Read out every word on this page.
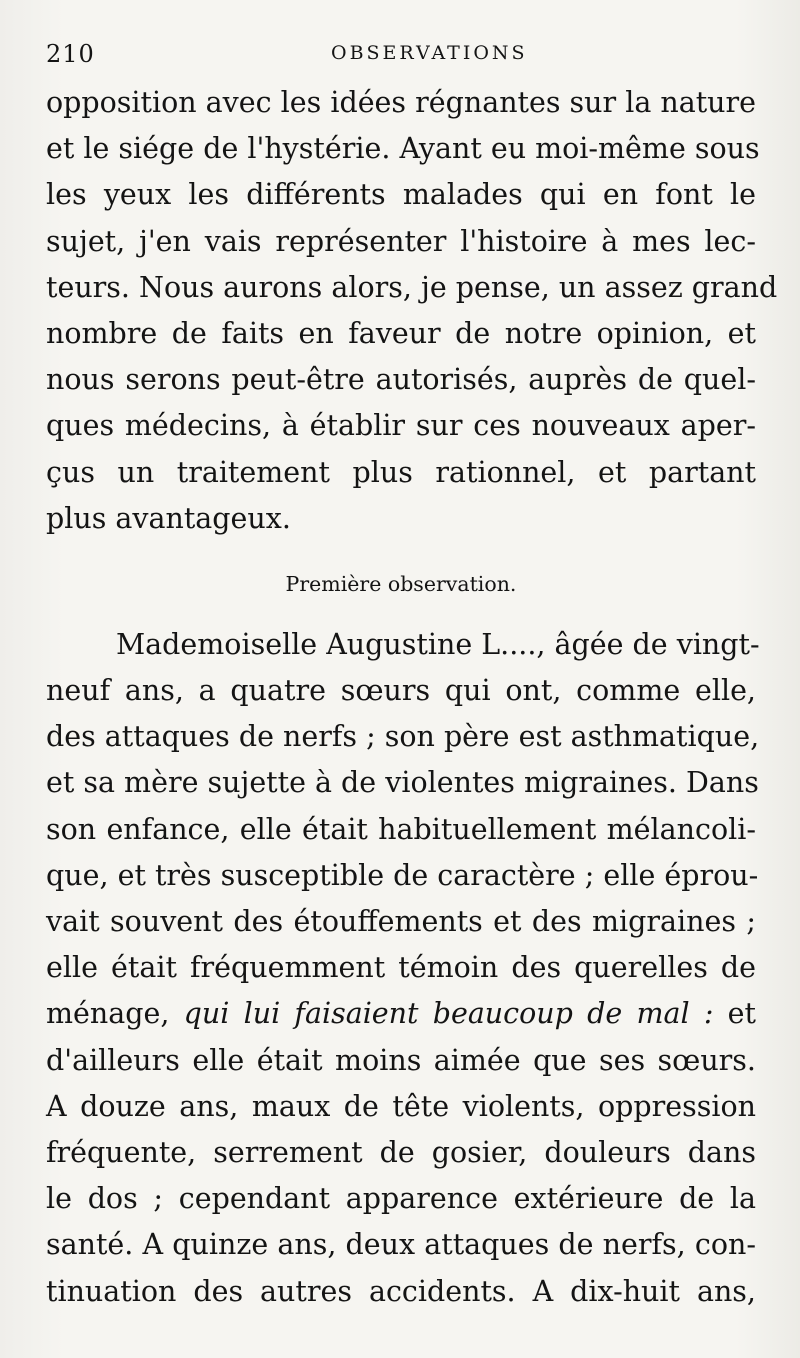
210	OBSERVATIONS
opposition avec les idées régnantes sur la nature
et le siége de l'hystérie. Ayant eu moi-même sous
les yeux les différents malades qui en font le
sujet, j'en vais représenter l'histoire à mes lec-
teurs. Nous aurons alors, je pense, un assez grand
nombre de faits en faveur de notre opinion, et
nous serons peut-être autorisés, auprès de quel-
ques médecins, à établir sur ces nouveaux aper-
çus un traitement plus rationnel, et partant
plus avantageux.
Première observation.
Mademoiselle Augustine L...., âgée de vingt-
neuf ans, a quatre sœurs qui ont, comme elle,
des attaques de nerfs ; son père est asthmatique,
et sa mère sujette à de violentes migraines. Dans
son enfance, elle était habituellement mélancoli-
que, et très susceptible de caractère ; elle éprou-
vait souvent des étouffements et des migraines ;
elle était fréquemment témoin des querelles de
ménage, qui lui faisaient beaucoup de mal : et
d'ailleurs elle était moins aimée que ses sœurs.
A douze ans, maux de tête violents, oppression
fréquente, serrement de gosier, douleurs dans
le dos ; cependant apparence extérieure de la
santé. A quinze ans, deux attaques de nerfs, con-
tinuation des autres accidents. A dix-huit ans,
